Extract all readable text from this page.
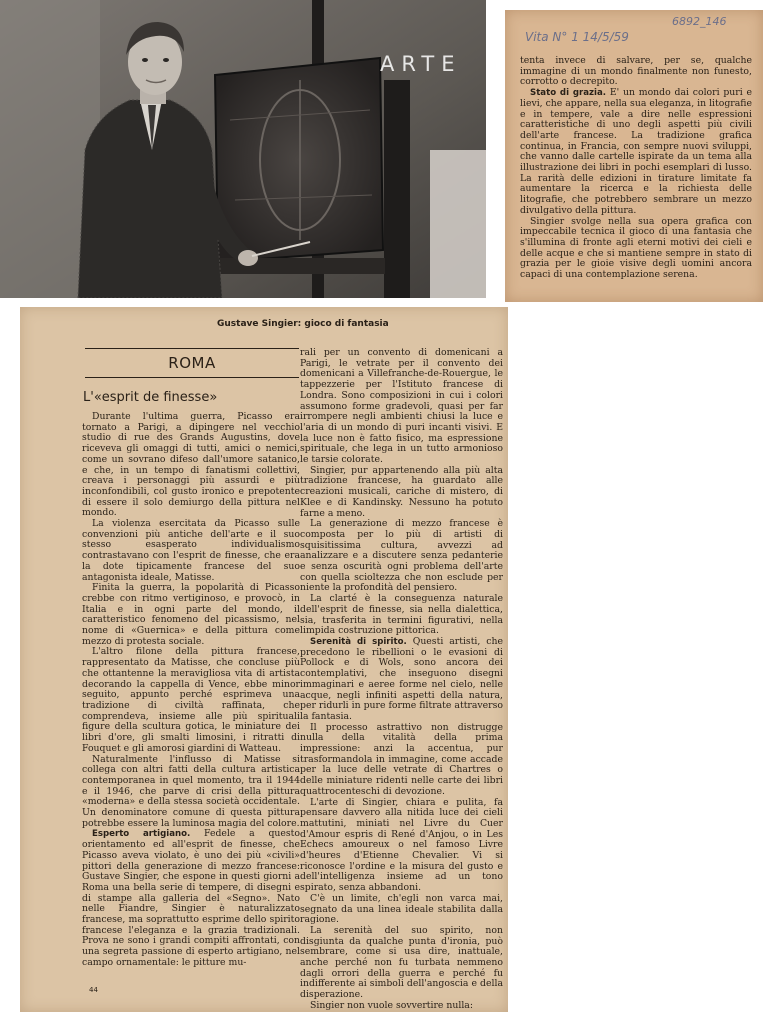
ARTE
Vita N° 1 14/5/59
6892_146
Gustave Singier: gioco di fantasia

tenta invece di salvare, per se, qualche immagine di un mondo finalmente non funesto, corrotto o decrepito.

Stato di grazia. E' un mondo dai colori puri e lievi, che appare, nella sua eleganza, in litografie e in tempere, vale a dire nelle espressioni caratteristiche di uno degli aspetti più civili dell'arte francese. La tradizione grafica continua, in Francia, con sempre nuovi sviluppi, che vanno dalle cartelle ispirate da un tema alla illustrazione dei libri in pochi esemplari di lusso. La rarità delle edizioni in tirature limitate fa aumentare la ricerca e la richiesta delle litografie, che potrebbero sembrare un mezzo divulgativo della pittura.

Singier svolge nella sua opera grafica con impeccabile tecnica il gioco di una fantasia che s'illumina di fronte agli eterni motivi dei cieli e delle acque e che si mantiene sempre in stato di grazia per le gioie visive degli uomini ancora capaci di una contemplazione serena.

ROMA
L'«esprit de finesse»

Durante l'ultima guerra, Picasso era tornato a Parigi, a dipingere nel vecchio studio di rue des Grands Augustins, dove riceveva gli omaggi di tutti, amici o nemici, come un sovrano difeso dall'umore satanico, e che, in un tempo di fanatismi collettivi, creava i personaggi più assurdi e più inconfondibili, col gusto ironico e prepotente di essere il solo demiurgo della pittura nel mondo.

La violenza esercitata da Picasso sulle convenzioni più antiche dell'arte e il suo stesso esasperato individualismo contrastavano con l'esprit de finesse, che era la dote tipicamente francese del suo antagonista ideale, Matisse.

Finita la guerra, la popolarità di Picasso crebbe con ritmo vertiginoso, e provocò, in Italia e in ogni parte del mondo, il caratteristico fenomeno del picassismo, nel nome di «Guernica» e della pittura come mezzo di protesta sociale.

L'altro filone della pittura francese, rappresentato da Matisse, che concluse più che ottantenne la meravigliosa vita di artista decorando la cappella di Vence, ebbe minor seguito, appunto perché esprimeva una tradizione di civiltà raffinata, che comprendeva, insieme alle più spirituali figure della scultura gotica, le miniature dei libri d'ore, gli smalti limosini, i ritratti di Fouquet e gli amorosi giardini di Watteau.

Naturalmente l'influsso di Matisse si collega con altri fatti della cultura artistica contemporanea in quel momento, tra il 1944 e il 1946, che parve di crisi della pittura «moderna» e della stessa società occidentale. Un denominatore comune di questa pittura potrebbe essere la luminosa magia del colore.

Esperto artigiano. Fedele a questo orientamento ed all'esprit de finesse, che Picasso aveva violato, è uno dei più «civili» pittori della generazione di mezzo francese: Gustave Singier, che espone in questi giorni a Roma una bella serie di tempere, di disegni e di stampe alla galleria del «Segno». Nato nelle Fiandre, Singier è naturalizzato francese, ma soprattutto esprime dello spirito francese l'eleganza e la grazia tradizionali. Prova ne sono i grandi compiti affrontati, con una segreta passione di esperto artigiano, nel campo ornamentale: le pitture mu-

rali per un convento di domenicani a Parigi, le vetrate per il convento dei domenicani a Villefranche-de-Rouergue, le tappezzerie per l'Istituto francese di Londra. Sono composizioni in cui i colori assumono forme gradevoli, quasi per far irrompere negli ambienti chiusi la luce e l'aria di un mondo di puri incanti visivi. E la luce non è fatto fisico, ma espressione spirituale, che lega in un tutto armonioso le tarsie colorate.

Singier, pur appartenendo alla più alta tradizione francese, ha guardato alle creazioni musicali, cariche di mistero, di Klee e di Kandinsky. Nessuno ha potuto farne a meno.

La generazione di mezzo francese è composta per lo più di artisti di squisitissima cultura, avvezzi ad analizzare e a discutere senza pedanterie e senza oscurità ogni problema dell'arte con quella scioltezza che non esclude per niente la profondità del pensiero.

La clarté è la conseguenza naturale dell'esprit de finesse, sia nella dialettica, sia, trasferita in termini figurativi, nella limpida costruzione pittorica.

Serenità di spirito. Questi artisti, che precedono le ribellioni o le evasioni di Pollock e di Wols, sono ancora dei contemplativi, che inseguono disegni immaginari e aeree forme nel cielo, nelle acque, negli infiniti aspetti della natura, per ridurli in pure forme filtrate attraverso la fantasia.

Il processo astrattivo non distrugge nulla della vitalità della prima impressione: anzi la accentua, pur trasformandola in immagine, come accade per la luce delle vetrate di Chartres o delle miniature ridenti nelle carte dei libri quattrocenteschi di devozione.

L'arte di Singier, chiara e pulita, fa pensare davvero alla nitida luce dei cieli mattutini, miniati nel Livre du Cuer d'Amour espris di René d'Anjou, o in Les Echecs amoureux o nel famoso Livre d'heures d'Etienne Chevalier. Vi si riconosce l'ordine e la misura del gusto e dell'intelligenza insieme ad un tono spirato, senza abbandoni.

C'è un limite, ch'egli non varca mai, segnato da una linea ideale stabilita dalla ragione.

La serenità del suo spirito, non disgiunta da qualche punta d'ironia, può sembrare, come si usa dire, inattuale, anche perché non fu turbata nemmeno dagli orrori della guerra e perché fu indifferente ai simboli dell'angoscia e della disperazione.

Singier non vuole sovvertire nulla:

44
